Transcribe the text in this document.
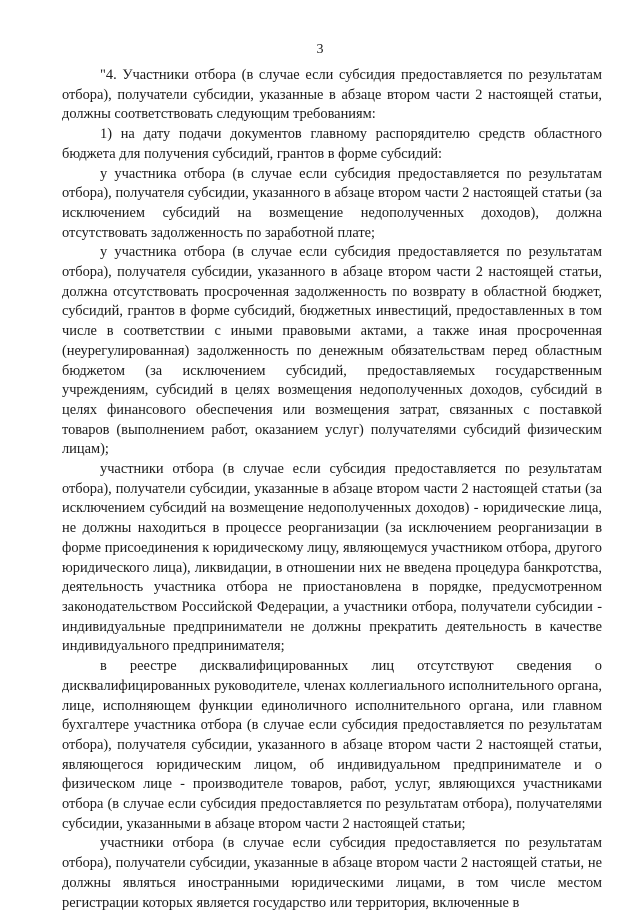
3

"4. Участники отбора (в случае если субсидия предоставляется по результатам отбора), получатели субсидии, указанные в абзаце втором части 2 настоящей статьи, должны соответствовать следующим требованиям:

1) на дату подачи документов главному распорядителю средств областного бюджета для получения субсидий, грантов в форме субсидий:

у участника отбора (в случае если субсидия предоставляется по результатам отбора), получателя субсидии, указанного в абзаце втором части 2 настоящей статьи (за исключением субсидий на возмещение недополученных доходов), должна отсутствовать задолженность по заработной плате;

у участника отбора (в случае если субсидия предоставляется по результатам отбора), получателя субсидии, указанного в абзаце втором части 2 настоящей статьи, должна отсутствовать просроченная задолженность по возврату в областной бюджет, субсидий, грантов в форме субсидий, бюджетных инвестиций, предоставленных в том числе в соответствии с иными правовыми актами, а также иная просроченная (неурегулированная) задолженность по денежным обязательствам перед областным бюджетом (за исключением субсидий, предоставляемых государственным учреждениям, субсидий в целях возмещения недополученных доходов, субсидий в целях финансового обеспечения или возмещения затрат, связанных с поставкой товаров (выполнением работ, оказанием услуг) получателями субсидий физическим лицам);

участники отбора (в случае если субсидия предоставляется по результатам отбора), получатели субсидии, указанные в абзаце втором части 2 настоящей статьи (за исключением субсидий на возмещение недополученных доходов) - юридические лица, не должны находиться в процессе реорганизации (за исключением реорганизации в форме присоединения к юридическому лицу, являющемуся участником отбора, другого юридического лица), ликвидации, в отношении них не введена процедура банкротства, деятельность участника отбора не приостановлена в порядке, предусмотренном законодательством Российской Федерации, а участники отбора, получатели субсидии - индивидуальные предприниматели не должны прекратить деятельность в качестве индивидуального предпринимателя;

в реестре дисквалифицированных лиц отсутствуют сведения о дисквалифицированных руководителе, членах коллегиального исполнительного органа, лице, исполняющем функции единоличного исполнительного органа, или главном бухгалтере участника отбора (в случае если субсидия предоставляется по результатам отбора), получателя субсидии, указанного в абзаце втором части 2 настоящей статьи, являющегося юридическим лицом, об индивидуальном предпринимателе и о физическом лице - производителе товаров, работ, услуг, являющихся участниками отбора (в случае если субсидия предоставляется по результатам отбора), получателями субсидии, указанными в абзаце втором части 2 настоящей статьи;

участники отбора (в случае если субсидия предоставляется по результатам отбора), получатели субсидии, указанные в абзаце втором части 2 настоящей статьи, не должны являться иностранными юридическими лицами, в том числе местом регистрации которых является государство или территория, включенные в
